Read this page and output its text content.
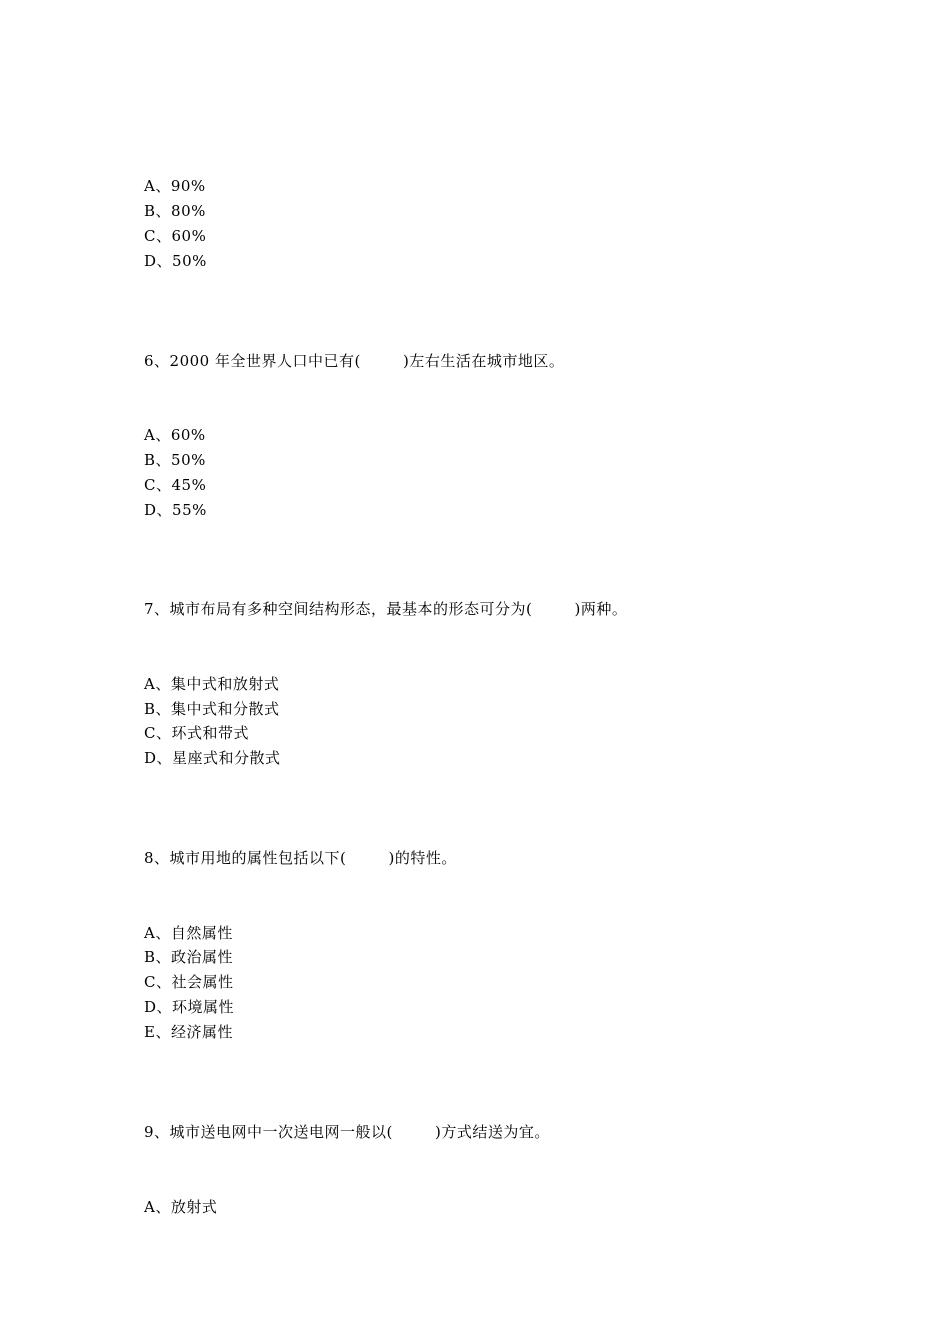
A、90%
B、80%
C、60%
D、50%
6、2000 年全世界人口中已有(        )左右生活在城市地区。
A、60%
B、50%
C、45%
D、55%
7、城市布局有多种空间结构形态，最基本的形态可分为(        )两种。
A、集中式和放射式
B、集中式和分散式
C、环式和带式
D、星座式和分散式
8、城市用地的属性包括以下(        )的特性。
A、自然属性
B、政治属性
C、社会属性
D、环境属性
E、经济属性
9、城市送电网中一次送电网一般以(        )方式结送为宜。
A、放射式
